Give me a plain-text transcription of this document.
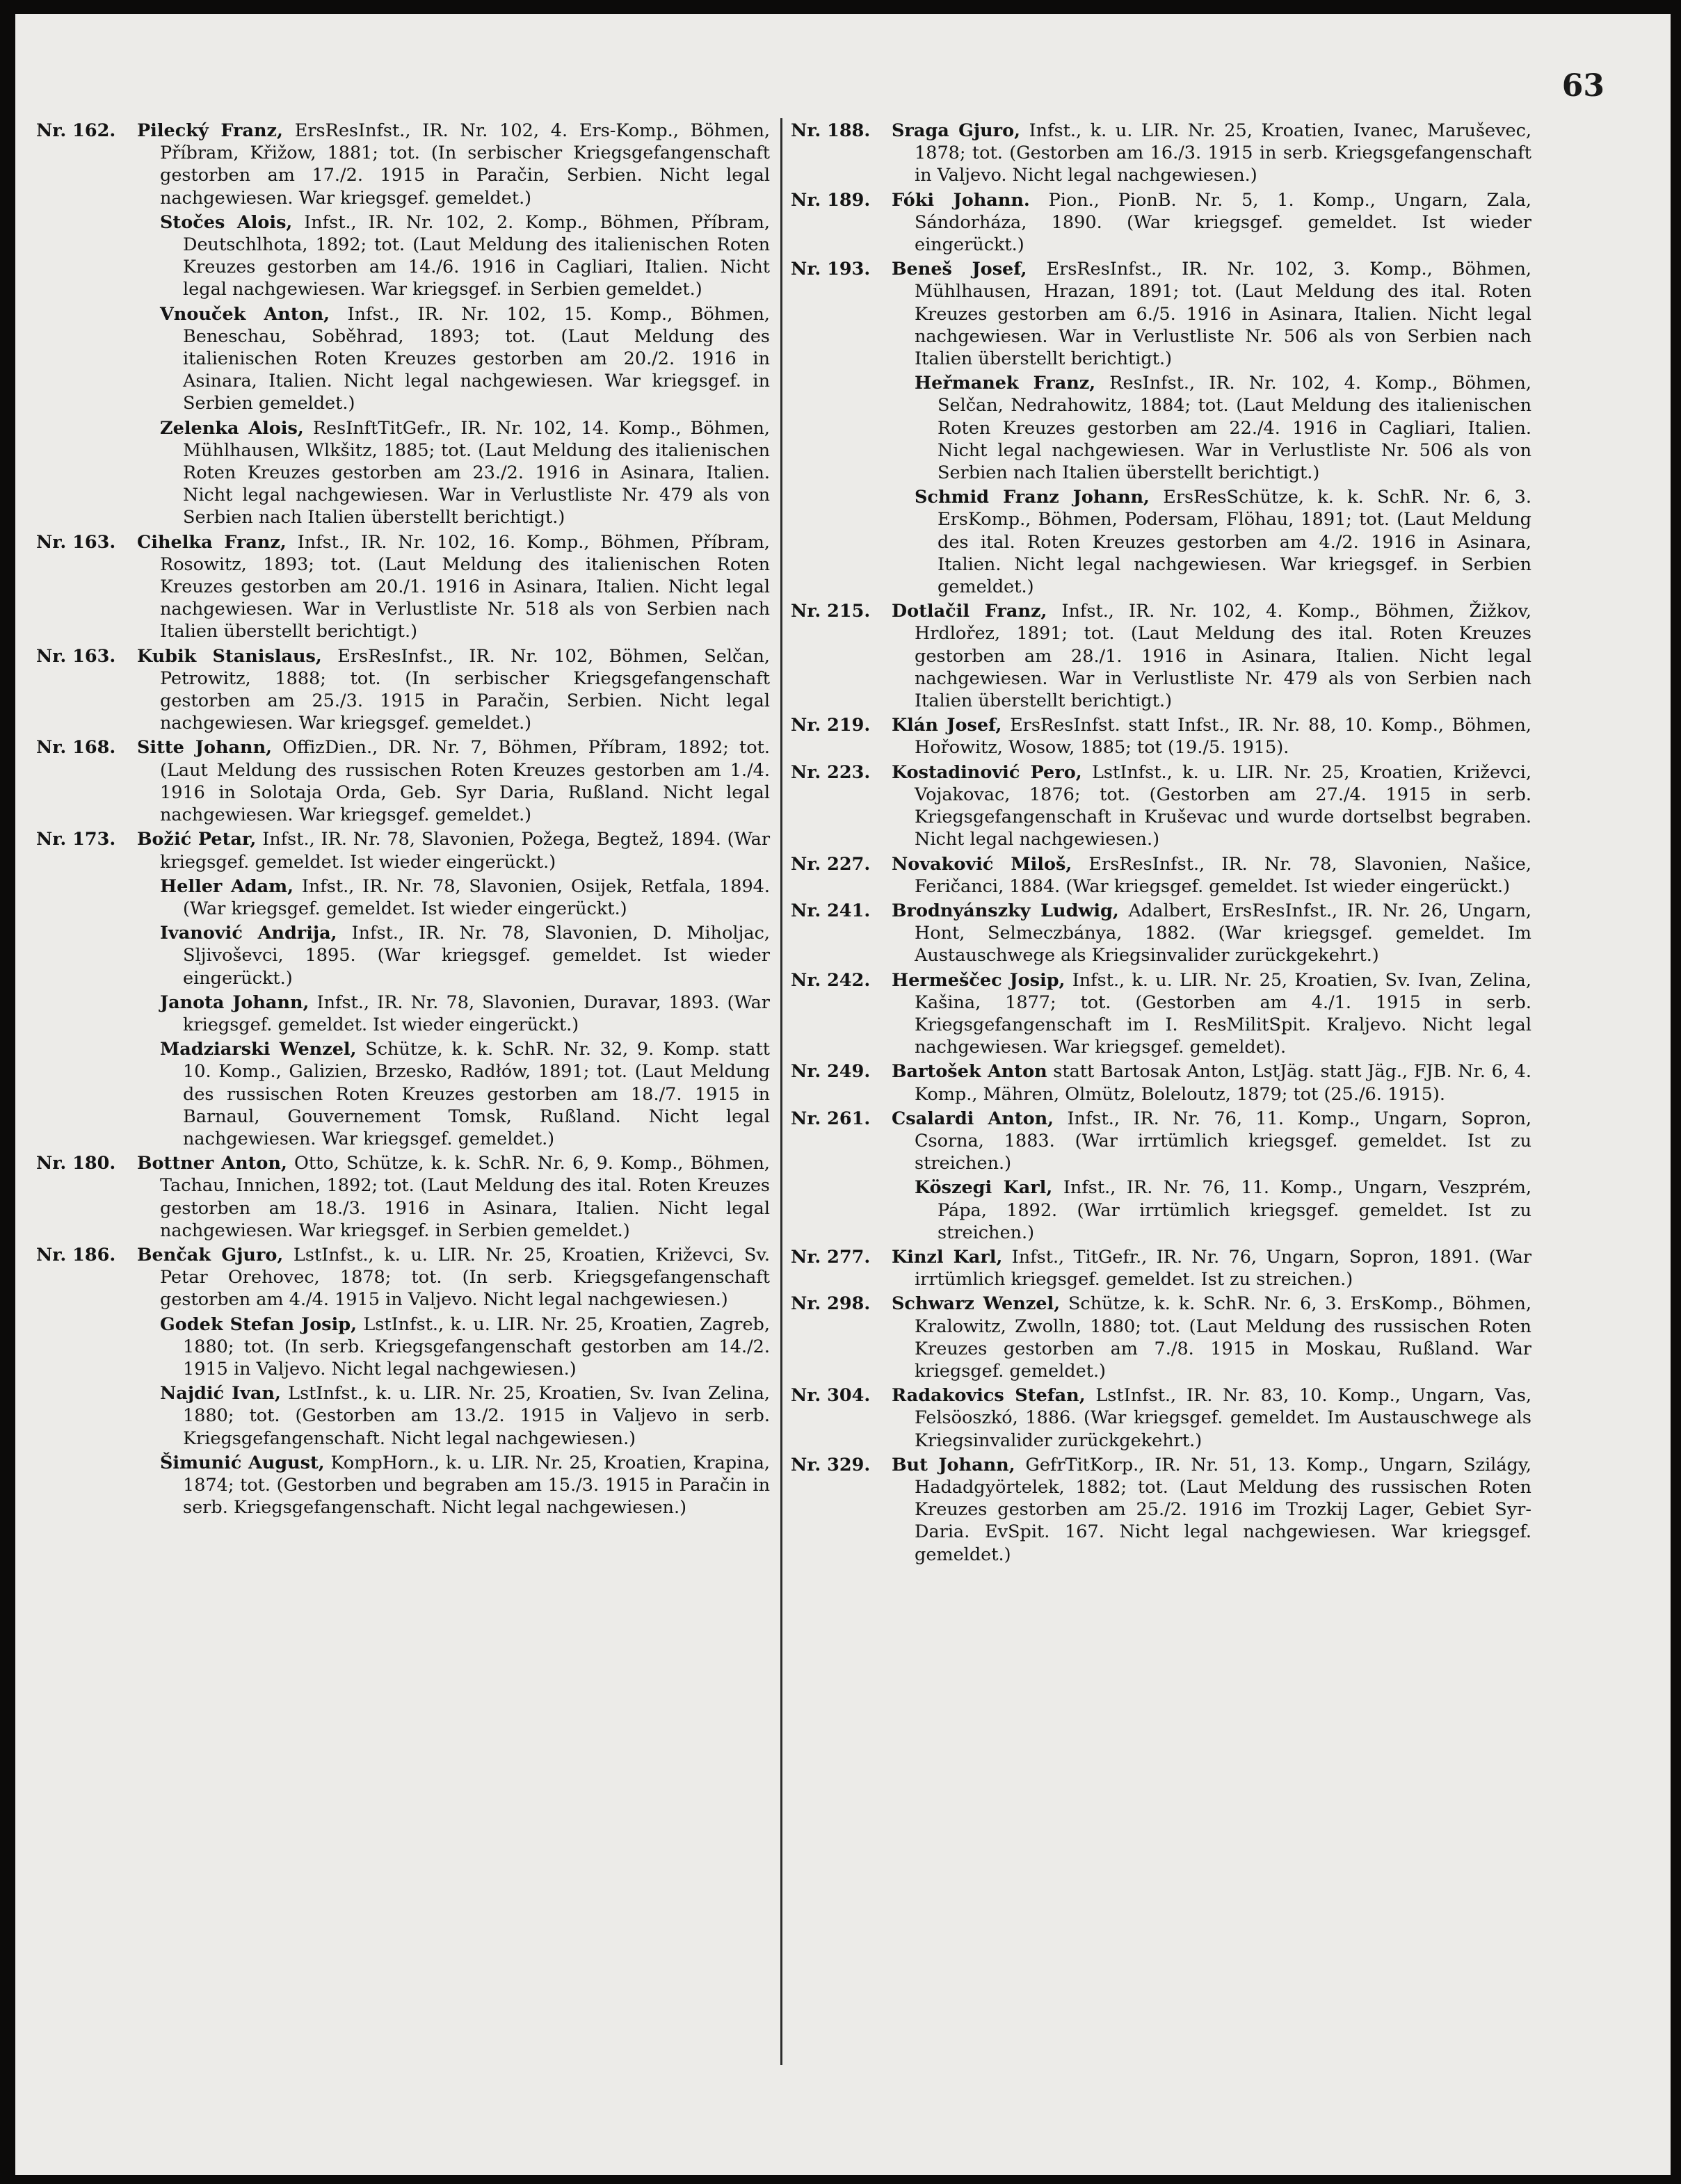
63
Nr. 162. Pilecký Franz, ErsResInfst., IR. Nr. 102, 4. Ers-Komp., Böhmen, Příbram, Křižow, 1881; tot. (In serbischer Kriegsgefangenschaft gestorben am 17./2. 1915 in Paračin, Serbien. Nicht legal nachgewiesen. War kriegsgef. gemeldet.)
Stočes Alois, Infst., IR. Nr. 102, 2. Komp., Böhmen, Příbram, Deutschlhota, 1892; tot. (Laut Meldung des italienischen Roten Kreuzes gestorben am 14./6. 1916 in Cagliari, Italien. Nicht legal nachgewiesen. War kriegsgef. in Serbien gemeldet.)
Vnouček Anton, Infst., IR. Nr. 102, 15. Komp., Böhmen, Beneschau, Soběhrad, 1893; tot. (Laut Meldung des italienischen Roten Kreuzes gestorben am 20./2. 1916 in Asinara, Italien. Nicht legal nachgewiesen. War kriegsgef. in Serbien gemeldet.)
Zelenka Alois, ResInftTitGefr., IR. Nr. 102, 14. Komp., Böhmen, Mühlhausen, Wlkšitz, 1885; tot. (Laut Meldung des italienischen Roten Kreuzes gestorben am 23./2. 1916 in Asinara, Italien. Nicht legal nachgewiesen. War in Verlustliste Nr. 479 als von Serbien nach Italien überstellt berichtigt.)
Nr. 163. Cihelka Franz, Infst., IR. Nr. 102, 16. Komp., Böhmen, Příbram, Rosowitz, 1893; tot. (Laut Meldung des italienischen Roten Kreuzes gestorben am 20./1. 1916 in Asinara, Italien. Nicht legal nachgewiesen. War in Verlustliste Nr. 518 als von Serbien nach Italien überstellt berichtigt.)
Nr. 163. Kubik Stanislaus, ErsResInfst., IR. Nr. 102, Böhmen, Selčan, Petrowitz, 1888; tot. (In serbischer Kriegsgefangenschaft gestorben am 25./3. 1915 in Paračin, Serbien. Nicht legal nachgewiesen. War kriegsgef. gemeldet.)
Nr. 168. Sitte Johann, OffizDien., DR. Nr. 7, Böhmen, Příbram, 1892; tot. (Laut Meldung des russischen Roten Kreuzes gestorben am 1./4. 1916 in Solotaja Orda, Geb. Syr Daria, Rußland. Nicht legal nachgewiesen. War kriegsgef. gemeldet.)
Nr. 173. Božić Petar, Infst., IR. Nr. 78, Slavonien, Požega, Begtež, 1894. (War kriegsgef. gemeldet. Ist wieder eingerückt.)
Heller Adam, Infst., IR. Nr. 78, Slavonien, Osijek, Retfala, 1894. (War kriegsgef. gemeldet. Ist wieder eingerückt.)
Ivanović Andrija, Infst., IR. Nr. 78, Slavonien, D. Miholjac, Sljivoševci, 1895. (War kriegsgef. gemeldet. Ist wieder eingerückt.)
Janota Johann, Infst., IR. Nr. 78, Slavonien, Duravar, 1893. (War kriegsgef. gemeldet. Ist wieder eingerückt.)
Madziarski Wenzel, Schütze, k. k. SchR. Nr. 32, 9. Komp. statt 10. Komp., Galizien, Brzesko, Radłów, 1891; tot. (Laut Meldung des russischen Roten Kreuzes gestorben am 18./7. 1915 in Barnaul, Gouvernement Tomsk, Rußland. Nicht legal nachgewiesen. War kriegsgef. gemeldet.)
Nr. 180. Bottner Anton, Otto, Schütze, k. k. SchR. Nr. 6, 9. Komp., Böhmen, Tachau, Innichen, 1892; tot. (Laut Meldung des ital. Roten Kreuzes gestorben am 18./3. 1916 in Asinara, Italien. Nicht legal nachgewiesen. War kriegsgef. in Serbien gemeldet.)
Nr. 186. Benčak Gjuro, LstInfst., k. u. LIR. Nr. 25, Kroatien, Križevci, Sv. Petar Orehovec, 1878; tot. (In serb. Kriegsgefangenschaft gestorben am 4./4. 1915 in Valjevo. Nicht legal nachgewiesen.)
Godek Stefan Josip, LstInfst., k. u. LIR. Nr. 25, Kroatien, Zagreb, 1880; tot. (In serb. Kriegsgefangenschaft gestorben am 14./2. 1915 in Valjevo. Nicht legal nachgewiesen.)
Najdić Ivan, LstInfst., k. u. LIR. Nr. 25, Kroatien, Sv. Ivan Zelina, 1880; tot. (Gestorben am 13./2. 1915 in Valjevo in serb. Kriegsgefangenschaft. Nicht legal nachgewiesen.)
Šimunić August, KompHorn., k. u. LIR. Nr. 25, Kroatien, Krapina, 1874; tot. (Gestorben und begraben am 15./3. 1915 in Paračin in serb. Kriegsgefangenschaft. Nicht legal nachgewiesen.)
Nr. 188. Sraga Gjuro, Infst., k. u. LIR. Nr. 25, Kroatien, Ivanec, Maruševec, 1878; tot. (Gestorben am 16./3. 1915 in serb. Kriegsgefangenschaft in Valjevo. Nicht legal nachgewiesen.)
Nr. 189. Fóki Johann. Pion., PionB. Nr. 5, 1. Komp., Ungarn, Zala, Sándorháza, 1890. (War kriegsgef. gemeldet. Ist wieder eingerückt.)
Nr. 193. Beneš Josef, ErsResInfst., IR. Nr. 102, 3. Komp., Böhmen, Mühlhausen, Hrazan, 1891; tot. (Laut Meldung des ital. Roten Kreuzes gestorben am 6./5. 1916 in Asinara, Italien. Nicht legal nachgewiesen. War in Verlustliste Nr. 506 als von Serbien nach Italien überstellt berichtigt.)
Heřmanek Franz, ResInfst., IR. Nr. 102, 4. Komp., Böhmen, Selčan, Nedrahowitz, 1884; tot. (Laut Meldung des italienischen Roten Kreuzes gestorben am 22./4. 1916 in Cagliari, Italien. Nicht legal nachgewiesen. War in Verlustliste Nr. 506 als von Serbien nach Italien überstellt berichtigt.)
Schmid Franz Johann, ErsResSchütze, k. k. SchR. Nr. 6, 3. ErsKomp., Böhmen, Podersam, Flöhau, 1891; tot. (Laut Meldung des ital. Roten Kreuzes gestorben am 4./2. 1916 in Asinara, Italien. Nicht legal nachgewiesen. War kriegsgef. in Serbien gemeldet.)
Nr. 215. Dotlačil Franz, Infst., IR. Nr. 102, 4. Komp., Böhmen, Žižkov, Hrdlořez, 1891; tot. (Laut Meldung des ital. Roten Kreuzes gestorben am 28./1. 1916 in Asinara, Italien. Nicht legal nachgewiesen. War in Verlustliste Nr. 479 als von Serbien nach Italien überstellt berichtigt.)
Nr. 219. Klán Josef, ErsResInfst. statt Infst., IR. Nr. 88, 10. Komp., Böhmen, Hořowitz, Wosow, 1885; tot (19./5. 1915).
Nr. 223. Kostadinović Pero, LstInfst., k. u. LIR. Nr. 25, Kroatien, Križevci, Vojakovac, 1876; tot. (Gestorben am 27./4. 1915 in serb. Kriegsgefangenschaft in Kruševac und wurde dortselbst begraben. Nicht legal nachgewiesen.)
Nr. 227. Novaković Miloš, ErsResInfst., IR. Nr. 78, Slavonien, Našice, Feričanci, 1884. (War kriegsgef. gemeldet. Ist wieder eingerückt.)
Nr. 241. Brodnyánszky Ludwig, Adalbert, ErsResInfst., IR. Nr. 26, Ungarn, Hont, Selmeczbánya, 1882. (War kriegsgef. gemeldet. Im Austauschwege als Kriegsinvalider zurückgekehrt.)
Nr. 242. Hermeščec Josip, Infst., k. u. LIR. Nr. 25, Kroatien, Sv. Ivan, Zelina, Kašina, 1877; tot. (Gestorben am 4./1. 1915 in serb. Kriegsgefangenschaft im I. ResMilitSpit. Kraljevo. Nicht legal nachgewiesen. War kriegsgef. gemeldet).
Nr. 249. Bartošek Anton statt Bartosak Anton, LstJäg. statt Jäg., FJB. Nr. 6, 4. Komp., Mähren, Olmütz, Boleloutz, 1879; tot (25./6. 1915).
Nr. 261. Csalardi Anton, Infst., IR. Nr. 76, 11. Komp., Ungarn, Sopron, Csorna, 1883. (War irrtümlich kriegsgef. gemeldet. Ist zu streichen.)
Köszegi Karl, Infst., IR. Nr. 76, 11. Komp., Ungarn, Veszprém, Pápa, 1892. (War irrtümlich kriegsgef. gemeldet. Ist zu streichen.)
Nr. 277. Kinzl Karl, Infst., TitGefr., IR. Nr. 76, Ungarn, Sopron, 1891. (War irrtümlich kriegsgef. gemeldet. Ist zu streichen.)
Nr. 298. Schwarz Wenzel, Schütze, k. k. SchR. Nr. 6, 3. ErsKomp., Böhmen, Kralowitz, Zwolln, 1880; tot. (Laut Meldung des russischen Roten Kreuzes gestorben am 7./8. 1915 in Moskau, Rußland. War kriegsgef. gemeldet.)
Nr. 304. Radakovics Stefan, LstInfst., IR. Nr. 83, 10. Komp., Ungarn, Vas, Felsöoszkó, 1886. (War kriegsgef. gemeldet. Im Austauschwege als Kriegsinvalider zurückgekehrt.)
Nr. 329. But Johann, GefrTitKorp., IR. Nr. 51, 13. Komp., Ungarn, Szilágy, Hadadgyörtelek, 1882; tot. (Laut Meldung des russischen Roten Kreuzes gestorben am 25./2. 1916 im Trozkij Lager, Gebiet Syr-Daria. EvSpit. 167. Nicht legal nachgewiesen. War kriegsgef. gemeldet.)
